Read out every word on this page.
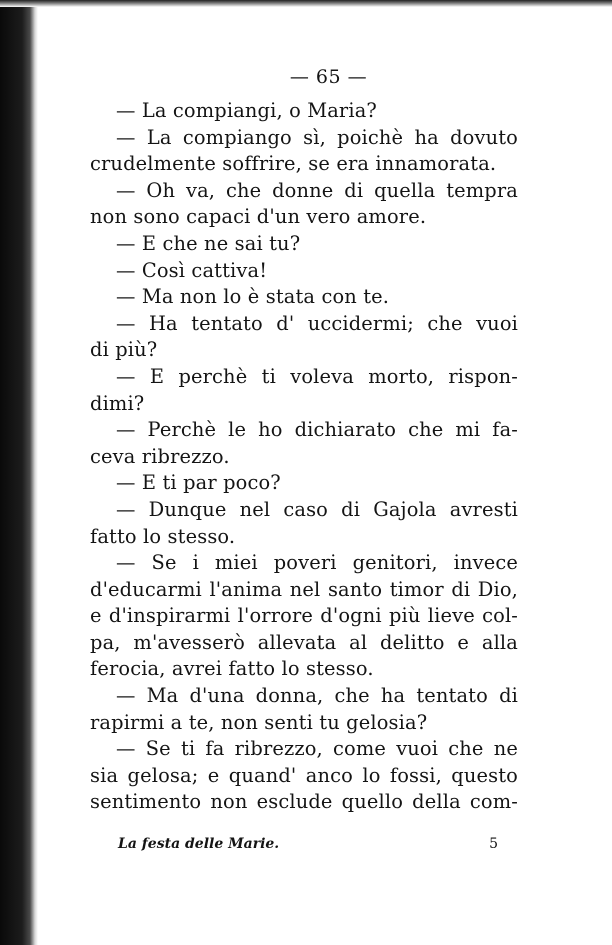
— 65 —
— La compiangi, o Maria?
— La compiango sì, poichè ha dovuto
crudelmente soffrire, se era innamorata.
— Oh va, che donne di quella tempra
non sono capaci d'un vero amore.
— E che ne sai tu?
— Così cattiva!
— Ma non lo è stata con te.
— Ha tentato d' uccidermi; che vuoi
di più?
— E perchè ti voleva morto, rispon-
dimi?
— Perchè le ho dichiarato che mi fa-
ceva ribrezzo.
— E ti par poco?
— Dunque nel caso di Gajola avresti
fatto lo stesso.
— Se i miei poveri genitori, invece
d'educarmi l'anima nel santo timor di Dio,
e d'inspirarmi l'orrore d'ogni più lieve col-
pa, m'avesserò allevata al delitto e alla
ferocia, avrei fatto lo stesso.
— Ma d'una donna, che ha tentato di
rapirmi a te, non senti tu gelosia?
— Se ti fa ribrezzo, come vuoi che ne
sia gelosa; e quand' anco lo fossi, questo
sentimento non esclude quello della com-
La festa delle Marie.	5
